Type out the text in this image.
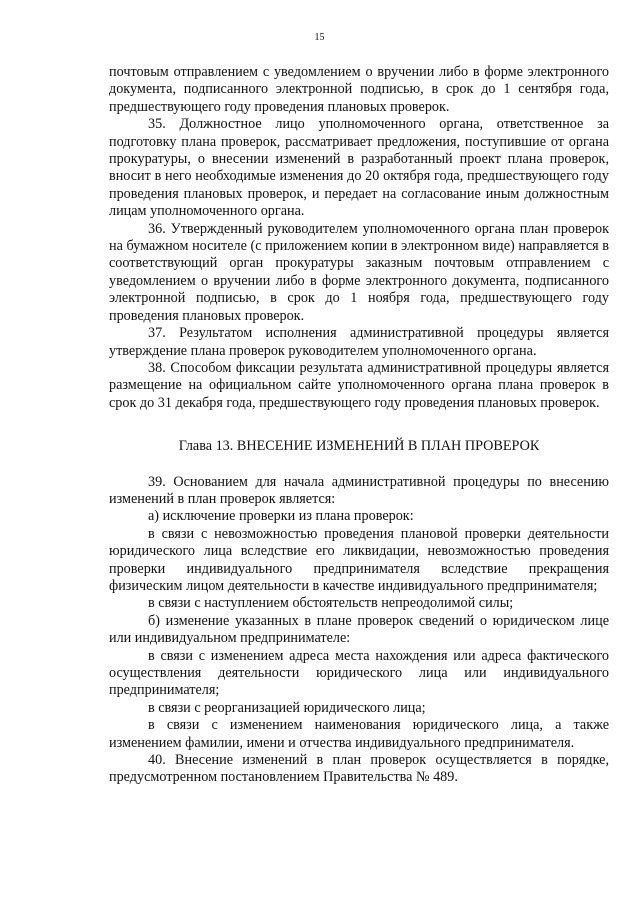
15

почтовым отправлением с уведомлением о вручении либо в форме электронного документа, подписанного электронной подписью, в срок до 1 сентября года, предшествующего году проведения плановых проверок.

35. Должностное лицо уполномоченного органа, ответственное за подготовку плана проверок, рассматривает предложения, поступившие от органа прокуратуры, о внесении изменений в разработанный проект плана проверок, вносит в него необходимые изменения до 20 октября года, предшествующего году проведения плановых проверок, и передает на согласование иным должностным лицам уполномоченного органа.

36. Утвержденный руководителем уполномоченного органа план проверок на бумажном носителе (с приложением копии в электронном виде) направляется в соответствующий орган прокуратуры заказным почтовым отправлением с уведомлением о вручении либо в форме электронного документа, подписанного электронной подписью, в срок до 1 ноября года, предшествующего году проведения плановых проверок.

37. Результатом исполнения административной процедуры является утверждение плана проверок руководителем уполномоченного органа.

38. Способом фиксации результата административной процедуры является размещение на официальном сайте уполномоченного органа плана проверок в срок до 31 декабря года, предшествующего году проведения плановых проверок.

Глава 13. ВНЕСЕНИЕ ИЗМЕНЕНИЙ В ПЛАН ПРОВЕРОК

39. Основанием для начала административной процедуры по внесению изменений в план проверок является:

а) исключение проверки из плана проверок:

в связи с невозможностью проведения плановой проверки деятельности юридического лица вследствие его ликвидации, невозможностью проведения проверки индивидуального предпринимателя вследствие прекращения физическим лицом деятельности в качестве индивидуального предпринимателя;

в связи с наступлением обстоятельств непреодолимой силы;

б) изменение указанных в плане проверок сведений о юридическом лице или индивидуальном предпринимателе:

в связи с изменением адреса места нахождения или адреса фактического осуществления деятельности юридического лица или индивидуального предпринимателя;

в связи с реорганизацией юридического лица;

в связи с изменением наименования юридического лица, а также изменением фамилии, имени и отчества индивидуального предпринимателя.

40. Внесение изменений в план проверок осуществляется в порядке, предусмотренном постановлением Правительства № 489.
